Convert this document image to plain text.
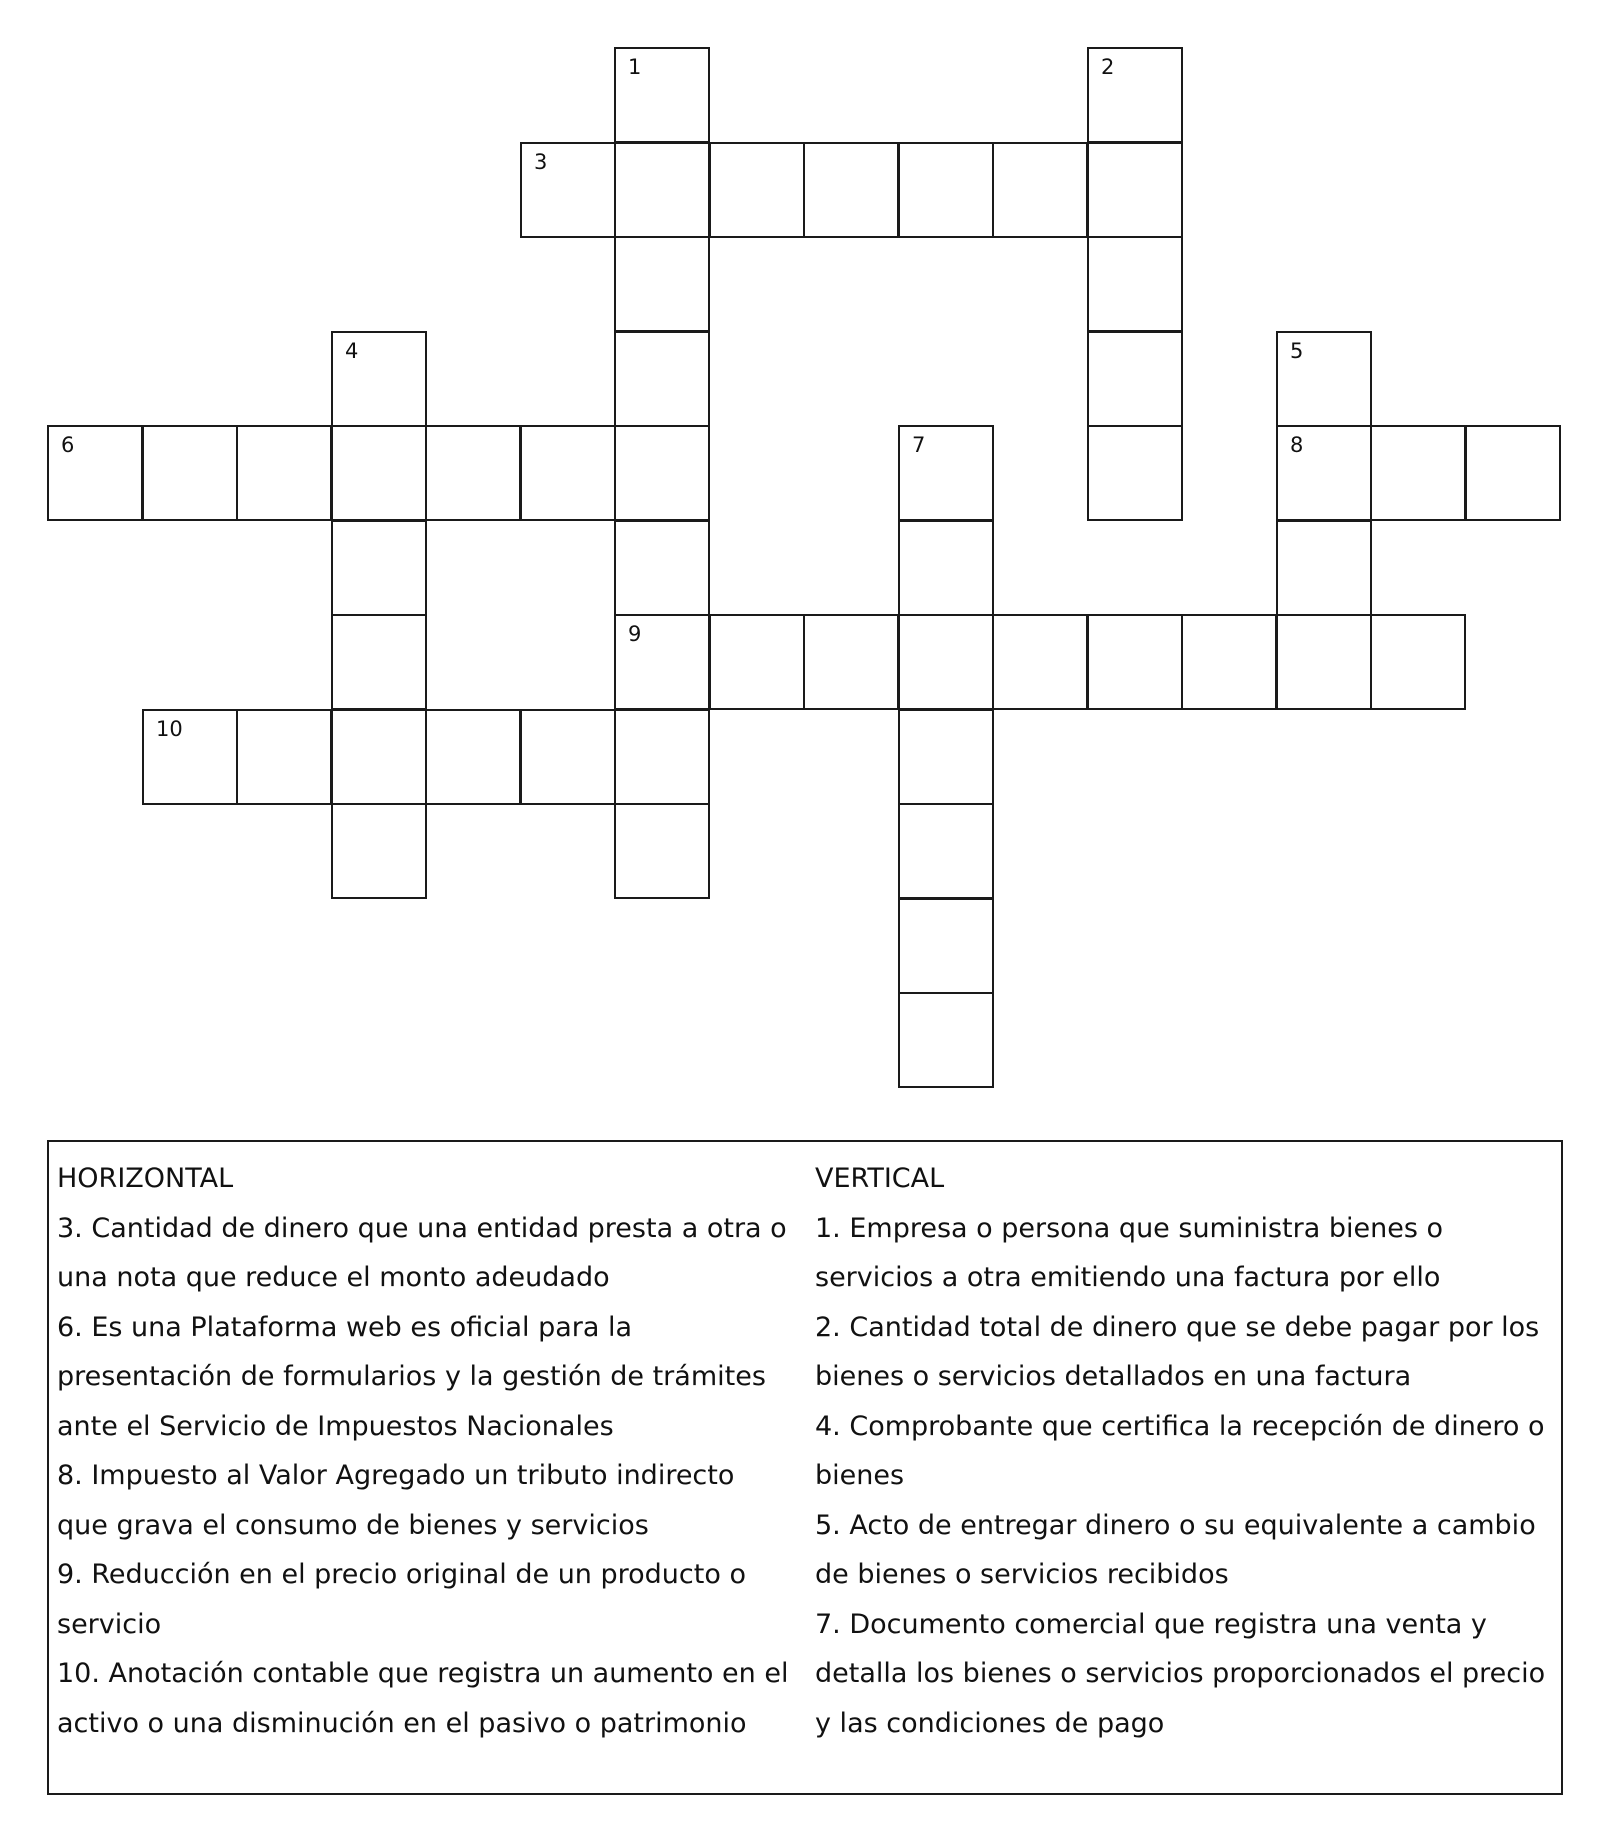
1	2
3
4	5
6	7	8
9
10
HORIZONTAL
3. Cantidad de dinero que una entidad presta a otra o
una nota que reduce el monto adeudado
6. Es una Plataforma web es oficial para la
presentación de formularios y la gestión de trámites
ante el Servicio de Impuestos Nacionales
8. Impuesto al Valor Agregado un tributo indirecto
que grava el consumo de bienes y servicios
9. Reducción en el precio original de un producto o
servicio
10. Anotación contable que registra un aumento en el
activo o una disminución en el pasivo o patrimonio
VERTICAL
1. Empresa o persona que suministra bienes o
servicios a otra emitiendo una factura por ello
2. Cantidad total de dinero que se debe pagar por los
bienes o servicios detallados en una factura
4. Comprobante que certifica la recepción de dinero o
bienes
5. Acto de entregar dinero o su equivalente a cambio
de bienes o servicios recibidos
7. Documento comercial que registra una venta y
detalla los bienes o servicios proporcionados el precio
y las condiciones de pago
